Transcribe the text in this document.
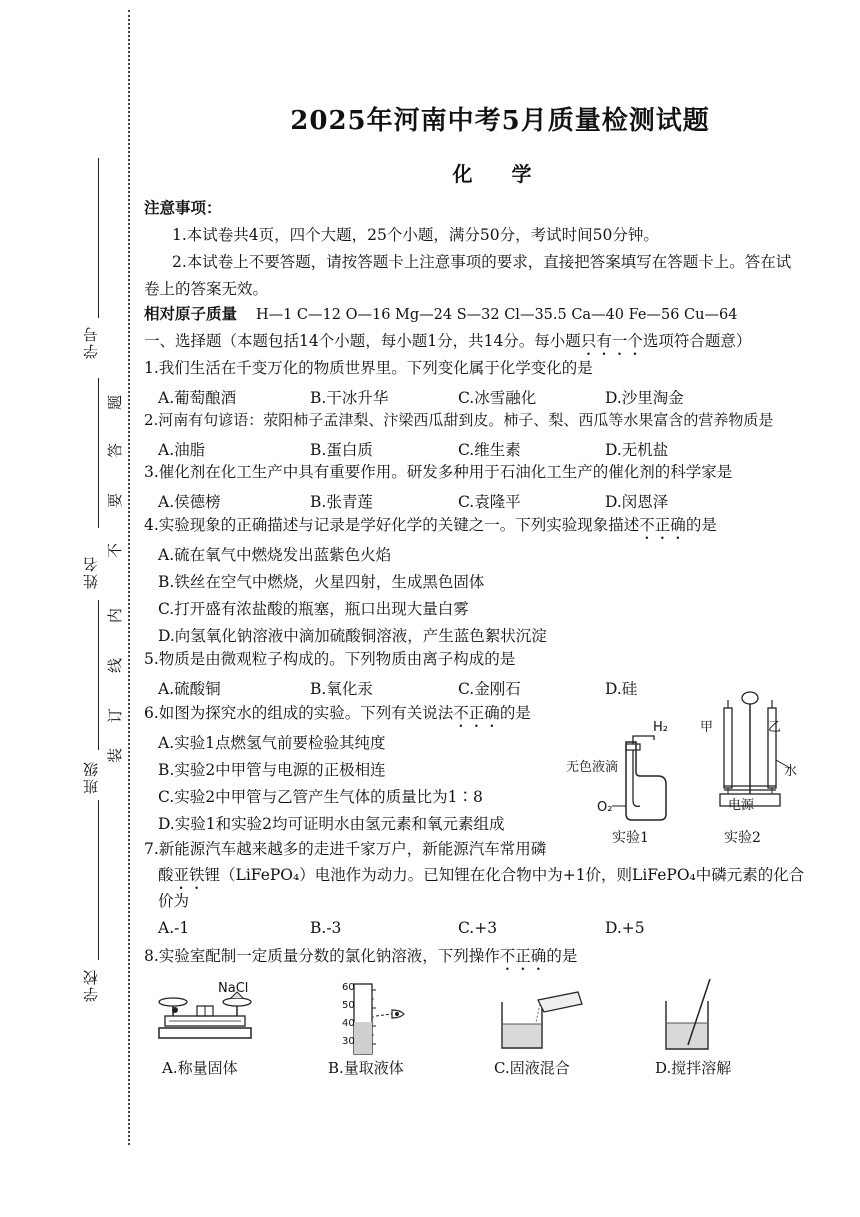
学号
姓名
班级
学校
题
答
要
不
内
线
订
装
2025年河南中考5月质量检测试题
化 学
注意事项：
1.本试卷共4页，四个大题，25个小题，满分50分，考试时间50分钟。
2.本试卷上不要答题，请按答题卡上注意事项的要求，直接把答案填写在答题卡上。答在试
卷上的答案无效。
相对原子质量 H—1 C—12 O—16 Mg—24 S—32 Cl—35.5 Ca—40 Fe—56 Cu—64
一、选择题（本题包括14个小题，每小题1分，共14分。每小题只有一个选项符合题意）
1.我们生活在千变万化的物质世界里。下列变化属于化学变化的是
A.葡萄酿酒	B.干冰升华	C.冰雪融化	D.沙里淘金
2.河南有句谚语：荥阳柿子孟津梨、汴梁西瓜甜到皮。柿子、梨、西瓜等水果富含的营养物质是
A.油脂	B.蛋白质	C.维生素	D.无机盐
3.催化剂在化工生产中具有重要作用。研发多种用于石油化工生产的催化剂的科学家是
A.侯德榜	B.张青莲	C.袁隆平	D.闵恩泽
4.实验现象的正确描述与记录是学好化学的关键之一。下列实验现象描述不正确的是
A.硫在氧气中燃烧发出蓝紫色火焰
B.铁丝在空气中燃烧，火星四射，生成黑色固体
C.打开盛有浓盐酸的瓶塞，瓶口出现大量白雾
D.向氢氧化钠溶液中滴加硫酸铜溶液，产生蓝色絮状沉淀
5.物质是由微观粒子构成的。下列物质由离子构成的是
A.硫酸铜	B.氧化汞	C.金刚石	D.硅
6.如图为探究水的组成的实验。下列有关说法不正确的是
A.实验1点燃氢气前要检验其纯度
B.实验2中甲管与电源的正极相连
C.实验2中甲管与乙管产生气体的质量比为1∶8
D.实验1和实验2均可证明水由氢元素和氧元素组成
H₂
无色液滴
O₂
实验1
甲	乙
水
电源
实验2
7.新能源汽车越来越多的走进千家万户，新能源汽车常用磷
酸亚铁锂（LiFePO₄）电池作为动力。已知锂在化合物中为+1价，则LiFePO₄中磷元素的化合
价为
A.-1	B.-3	C.+3	D.+5
8.实验室配制一定质量分数的氯化钠溶液，下列操作不正确的是
NaCl
A.称量固体
60
50
40
30
B.量取液体	C.固液混合	D.搅拌溶解
